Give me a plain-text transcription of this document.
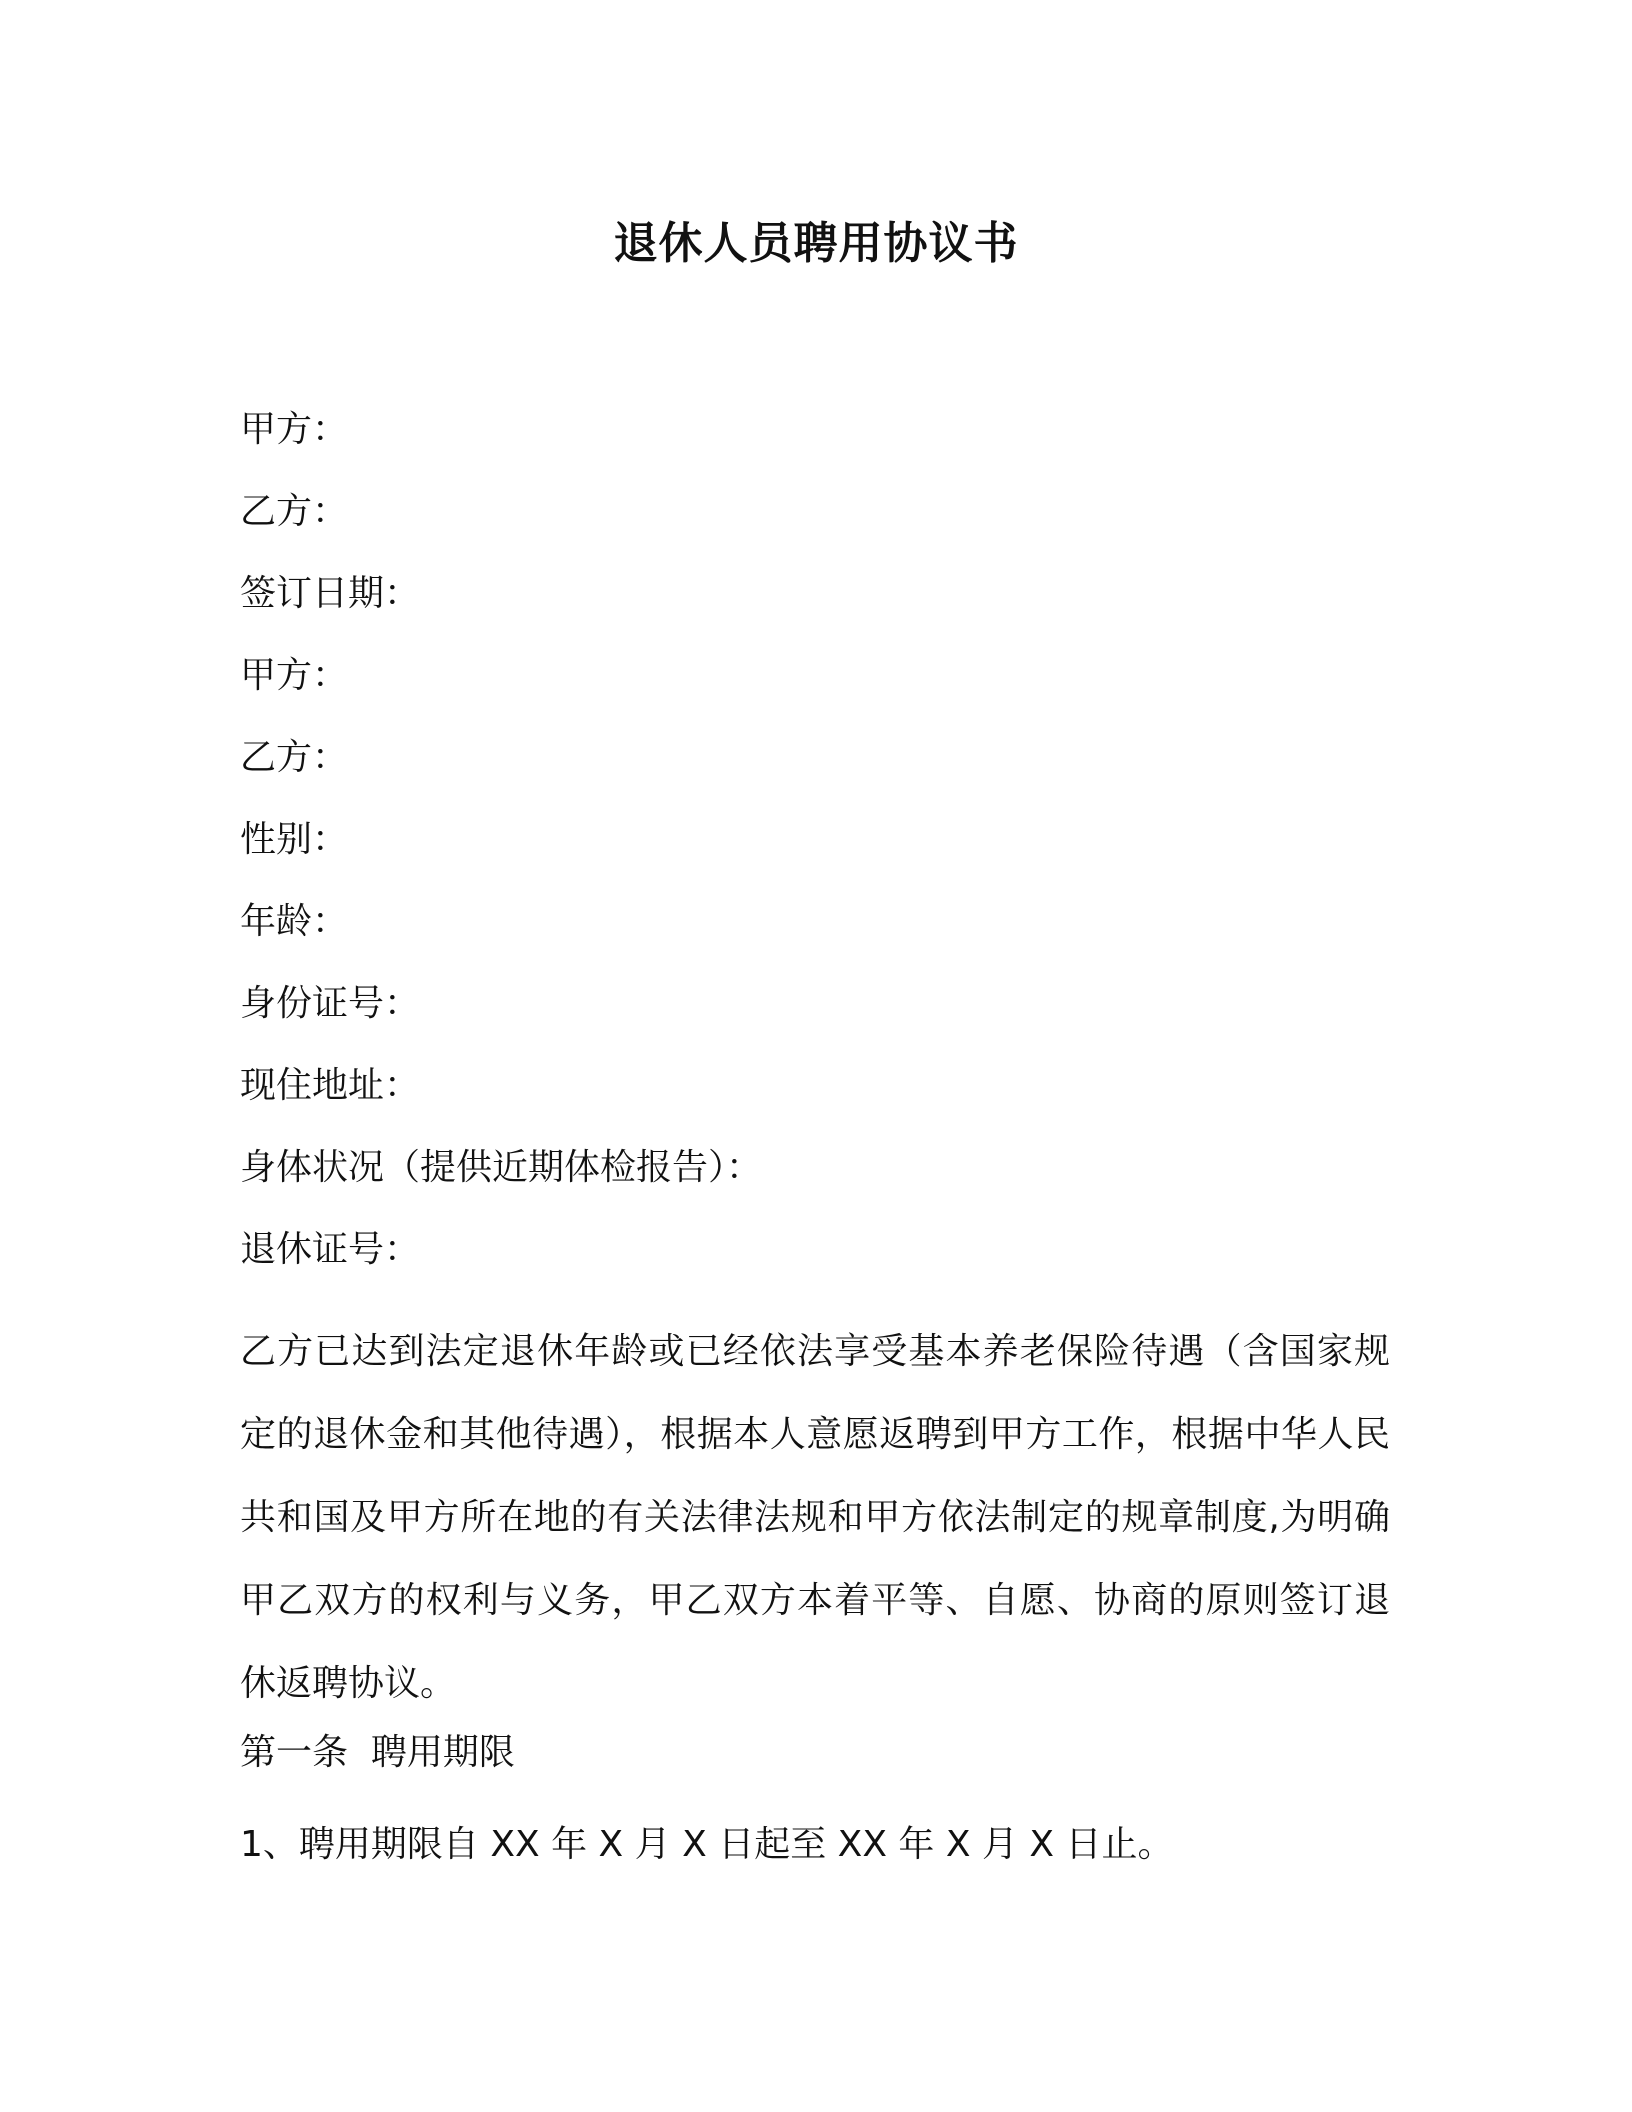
退休人员聘用协议书
甲方：
乙方：
签订日期：
甲方：
乙方：
性别：
年龄：
身份证号：
现住地址：
身体状况（提供近期体检报告）：
退休证号：
乙方已达到法定退休年龄或已经依法享受基本养老保险待遇（含国家规定的退休金和其他待遇），根据本人意愿返聘到甲方工作，根据中华人民共和国及甲方所在地的有关法律法规和甲方依法制定的规章制度,为明确甲乙双方的权利与义务，甲乙双方本着平等、自愿、协商的原则签订退休返聘协议。
第一条  聘用期限
1、聘用期限自 XX 年 X 月 X 日起至 XX 年 X 月 X 日止。
